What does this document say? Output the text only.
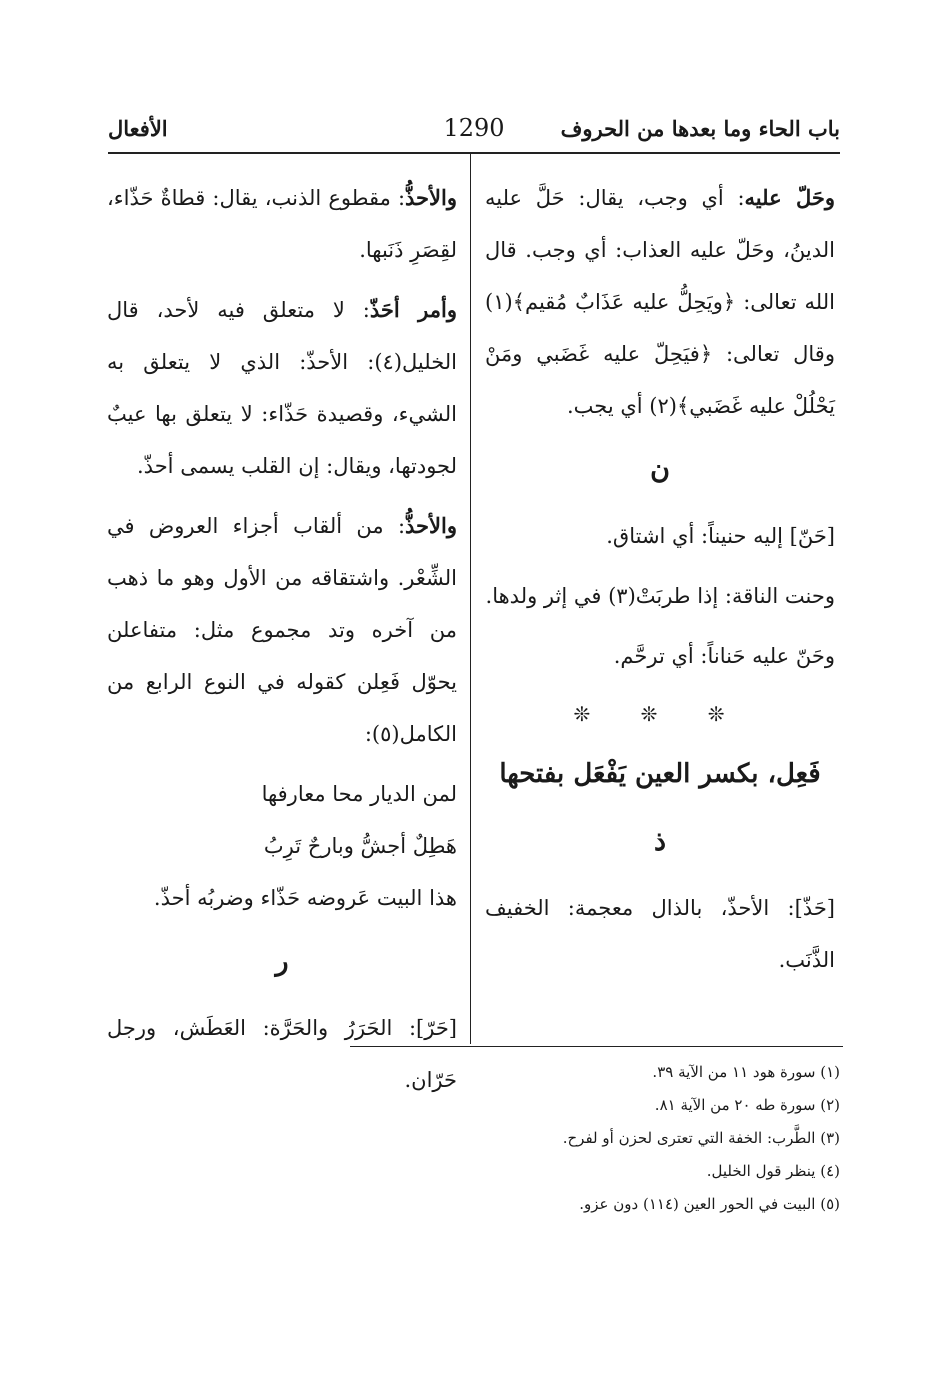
باب الحاء وما بعدها من الحروف
1290
الأفعال
وحَلّ عليه: أي وجب، يقال: حَلَّ عليه الدينُ، وحَلّ عليه العذاب: أي وجب. قال الله تعالى: ﴿ويَحِلُّ عليه عَذَابٌ مُقيم﴾(١) وقال تعالى: ﴿فيَحِلّ عليه غَضَبي ومَنْ يَحْلُلْ عليه غَضَبي﴾(٢) أي يجب.
ن
[حَنّ] إليه حنيناً: أي اشتاق.
وحنت الناقة: إذا طربَتْ(٣) في إثر ولدها.
وحَنّ عليه حَناناً: أي ترحَّم.
❊ ❊ ❊
فَعِل، بكسر العين يَفْعَل بفتحها
ذ
[حَذّ]: الأحذّ، بالذال معجمة: الخفيف الذَّنَب.
والأحذُّ: مقطوع الذنب، يقال: قطاةٌ حَذّاء، لقِصَرِ ذَنَبها.
وأمر أحَذّ: لا متعلق فيه لأحد، قال الخليل(٤): الأحذّ: الذي لا يتعلق به الشيء، وقصيدة حَذّاء: لا يتعلق بها عيبٌ لجودتها، ويقال: إن القلب يسمى أحذّ.
والأحذُّ: من ألقاب أجزاء العروض في الشِّعْر. واشتقاقه من الأول وهو ما ذهب من آخره وتد مجموع مثل: متفاعلن يحوّل فَعِلن كقوله في النوع الرابع من الكامل(٥):
لمن الديار محا معارفها
هَطِلٌ أجشُّ وبارحٌ تَرِبُ
هذا البيت عَروضه حَذّاء وضربُه أحذّ.
ر
[حَرّ]: الحَرَرُ والحَرَّة: العَطَش، ورجل حَرّان.	(١) سورة هود ١١ من الآية ٣٩.
(٢) سورة طه ٢٠ من الآية ٨١.
(٣) الطَّرب: الخفة التي تعترى لحزن أو لفرح.
(٤) ينظر قول الخليل.
(٥) البيت في الحور العين (١١٤) دون عزو.
